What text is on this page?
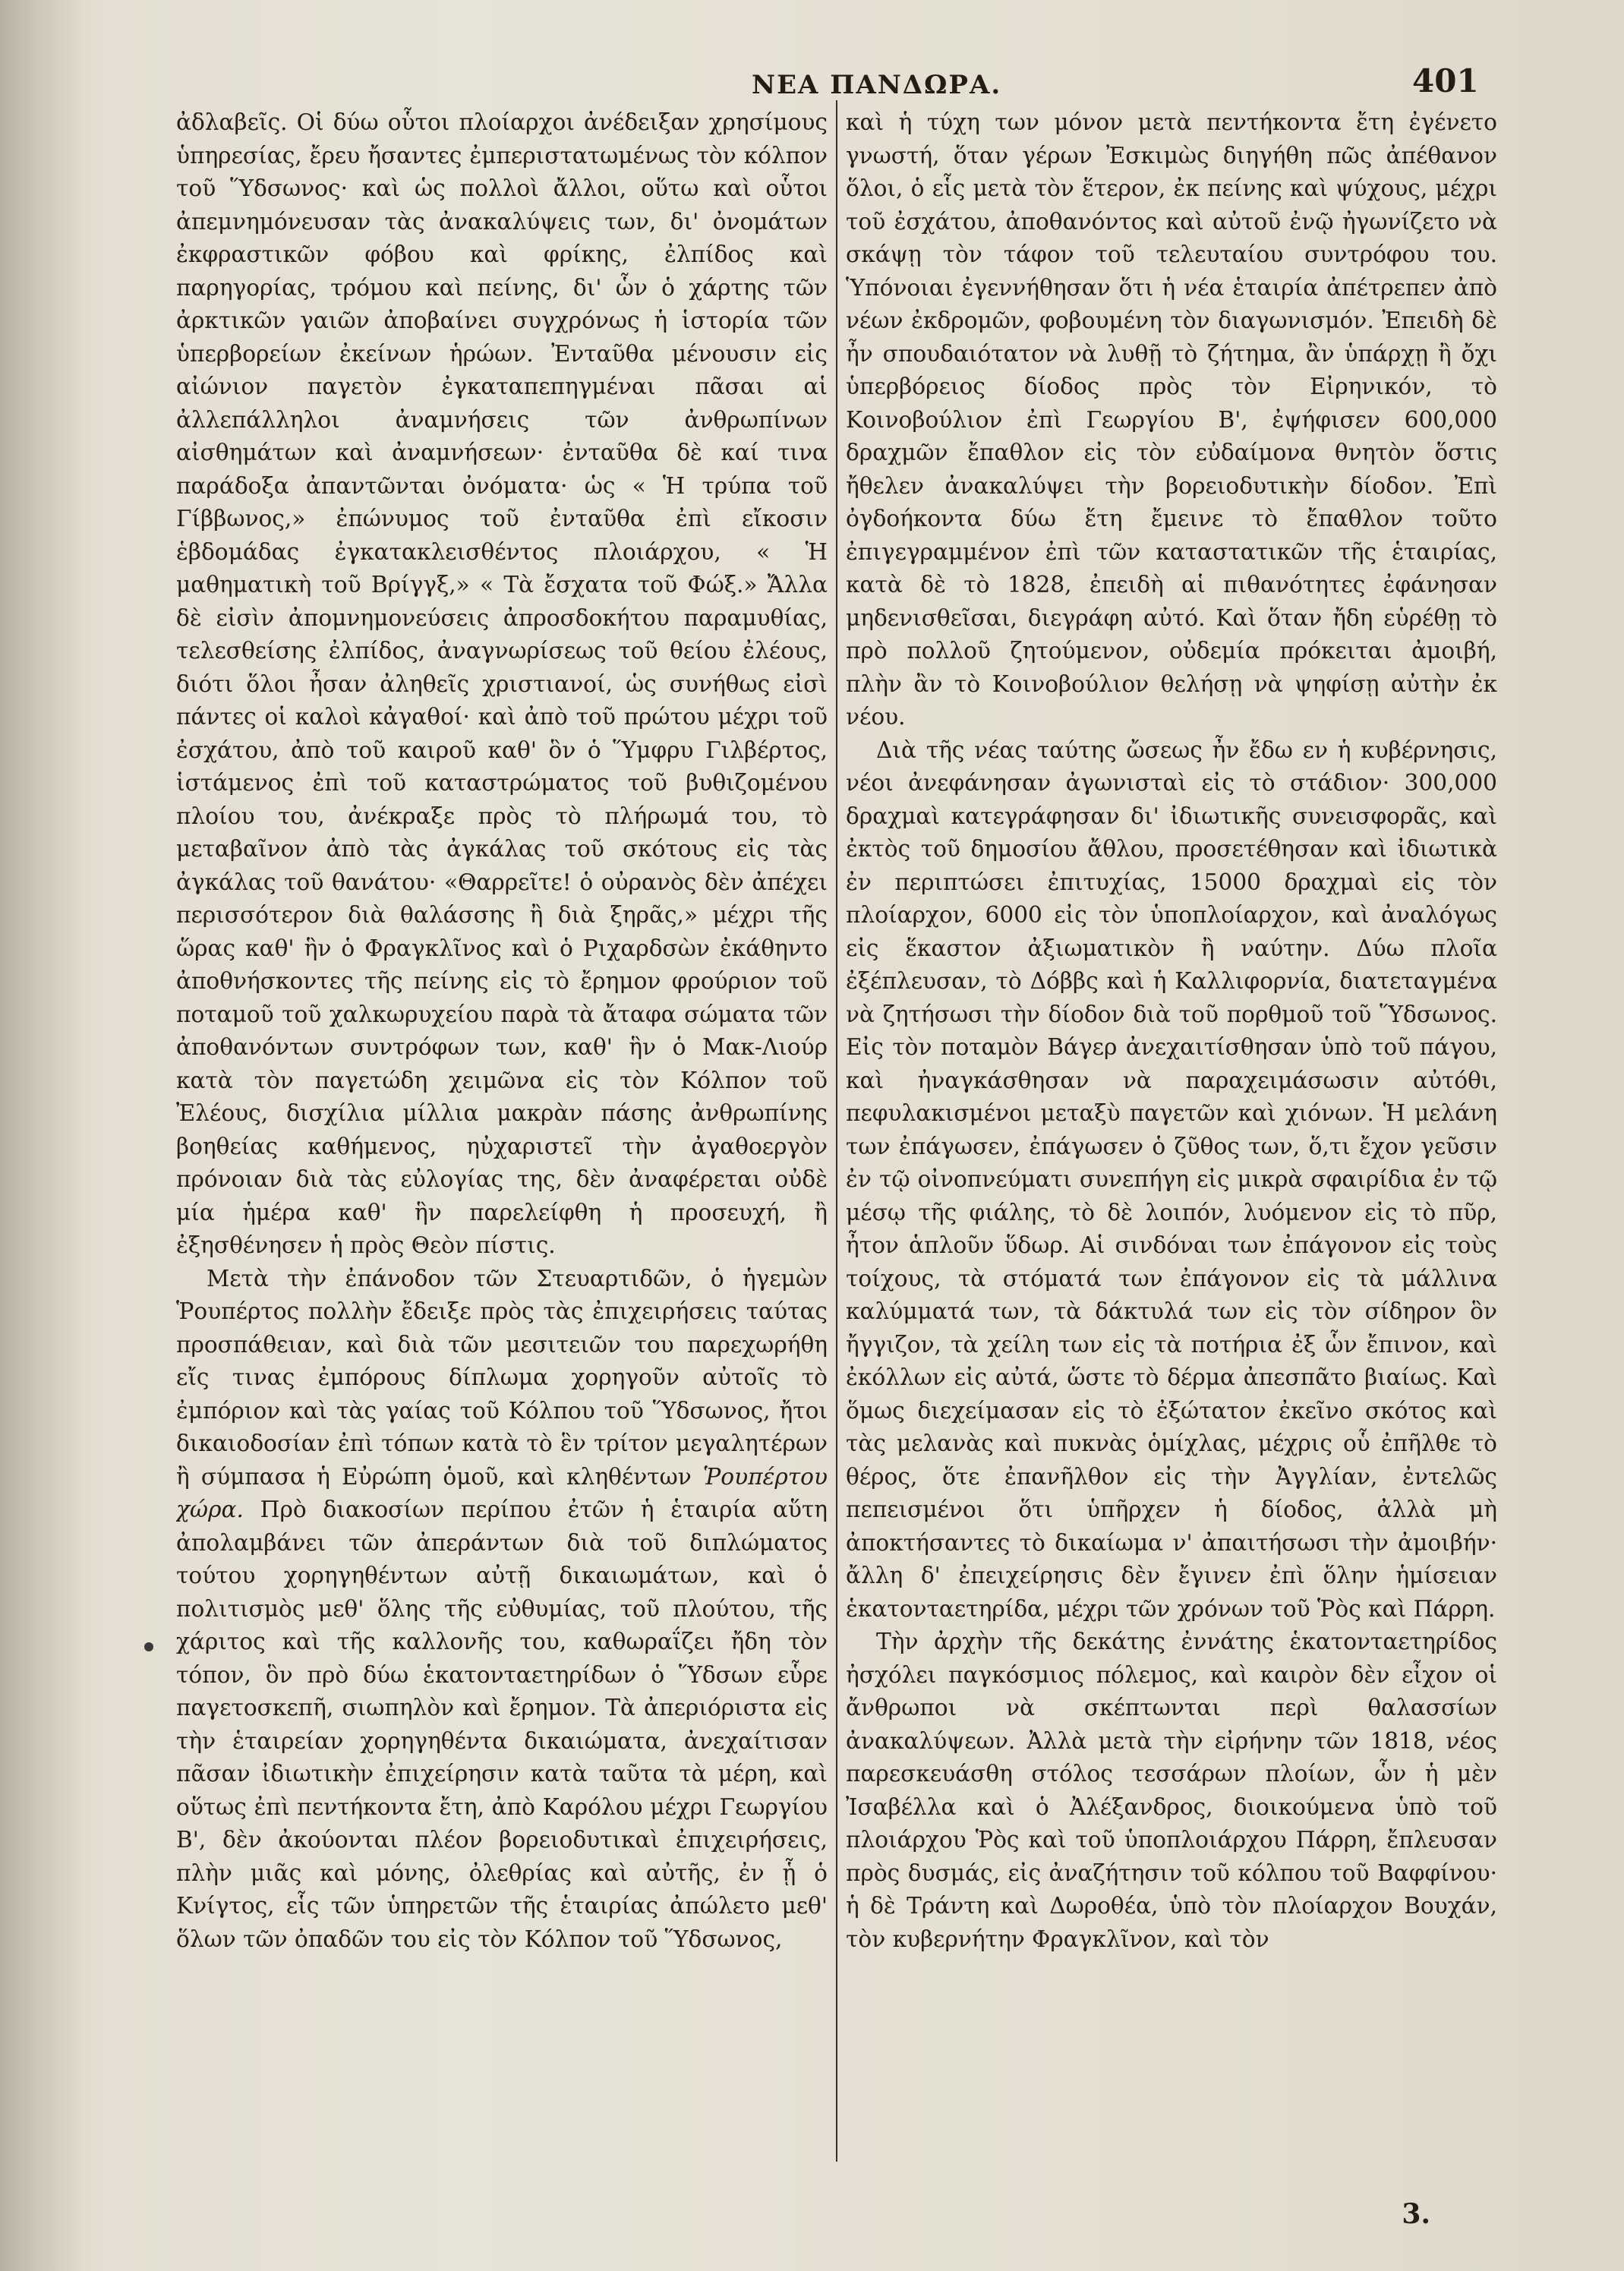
ΝΕΑ ΠΑΝΔΩΡΑ.	401

ἀδλαβεῖς. Οἱ δύω οὗτοι πλοίαρχοι ἀνέδειξαν χρησίμους ὑπηρεσίας, ἔρευ ἤσαντες ἐμπεριστατωμένως τὸν κόλπον τοῦ Ὕδσωνος· καὶ ὡς πολλοὶ ἄλλοι, οὕτω καὶ οὗτοι ἀπεμνημόνευσαν τὰς ἀνακαλύψεις των, δι' ὀνομάτων ἐκφραστικῶν φόβου καὶ φρίκης, ἐλπίδος καὶ παρηγορίας, τρόμου καὶ πείνης, δι' ὧν ὁ χάρτης τῶν ἀρκτικῶν γαιῶν ἀποβαίνει συγχρόνως ἡ ἱστορία τῶν ὑπερβορείων ἐκείνων ἡρώων. Ἐνταῦθα μένουσιν εἰς αἰώνιον παγετὸν ἐγκαταπεπηγμέναι πᾶσαι αἱ ἀλλεπάλληλοι ἀναμνήσεις τῶν ἀνθρωπίνων αἰσθημάτων καὶ ἀναμνήσεων· ἐνταῦθα δὲ καί τινα παράδοξα ἀπαντῶνται ὀνόματα· ὡς « Ἡ τρύπα τοῦ Γίββωνος,» ἐπώνυμος τοῦ ἐνταῦθα ἐπὶ εἴκοσιν ἑβδομάδας ἐγκατακλεισθέντος πλοιάρχου, « Ἡ μαθηματικὴ τοῦ Βρίγγξ,» « Τὰ ἔσχατα τοῦ Φώξ.» Ἄλλα δὲ εἰσὶν ἀπομνημονεύσεις ἀπροσδοκήτου παραμυθίας, τελεσθείσης ἐλπίδος, ἀναγνωρίσεως τοῦ θείου ἐλέους, διότι ὅλοι ἦσαν ἀληθεῖς χριστιανοί, ὡς συνήθως εἰσὶ πάντες οἱ καλοὶ κἀγαθοί· καὶ ἀπὸ τοῦ πρώτου μέχρι τοῦ ἐσχάτου, ἀπὸ τοῦ καιροῦ καθ' ὃν ὁ Ὕμφρυ Γιλβέρτος, ἱστάμενος ἐπὶ τοῦ καταστρώματος τοῦ βυθιζομένου πλοίου του, ἀνέκραξε πρὸς τὸ πλήρωμά του, τὸ μεταβαῖνον ἀπὸ τὰς ἀγκάλας τοῦ σκότους εἰς τὰς ἀγκάλας τοῦ θανάτου· «Θαρρεῖτε! ὁ οὐρανὸς δὲν ἀπέχει περισσότερον διὰ θαλάσσης ἢ διὰ ξηρᾶς,» μέχρι τῆς ὥρας καθ' ἣν ὁ Φραγκλῖνος καὶ ὁ Ριχαρδσὼν ἐκάθηντο ἀποθνήσκοντες τῆς πείνης εἰς τὸ ἔρημον φρούριον τοῦ ποταμοῦ τοῦ χαλκωρυχείου παρὰ τὰ ἄταφα σώματα τῶν ἀποθανόντων συντρόφων των, καθ' ἣν ὁ Μακ-Λιούρ κατὰ τὸν παγετώδη χειμῶνα εἰς τὸν Κόλπον τοῦ Ἐλέους, δισχίλια μίλλια μακρὰν πάσης ἀνθρωπίνης βοηθείας καθήμενος, ηὐχαριστεῖ τὴν ἀγαθοεργὸν πρόνοιαν διὰ τὰς εὐλογίας της, δὲν ἀναφέρεται οὐδὲ μία ἡμέρα καθ' ἣν παρελείφθη ἡ προσευχή, ἢ ἐξησθένησεν ἡ πρὸς Θεὸν πίστις.

Μετὰ τὴν ἐπάνοδον τῶν Στευαρτιδῶν, ὁ ἡγεμὼν Ῥουπέρτος πολλὴν ἔδειξε πρὸς τὰς ἐπιχειρήσεις ταύτας προσπάθειαν, καὶ διὰ τῶν μεσιτειῶν του παρεχωρήθη εἴς τινας ἐμπόρους δίπλωμα χορηγοῦν αὐτοῖς τὸ ἐμπόριον καὶ τὰς γαίας τοῦ Κόλπου τοῦ Ὕδσωνος, ἤτοι δικαιοδοσίαν ἐπὶ τόπων κατὰ τὸ ἓν τρίτον μεγαλητέρων ἢ σύμπασα ἡ Εὐρώπη ὁμοῦ, καὶ κληθέντων Ῥουπέρτου χώρα. Πρὸ διακοσίων περίπου ἐτῶν ἡ ἑταιρία αὕτη ἀπολαμβάνει τῶν ἀπεράντων διὰ τοῦ διπλώματος τούτου χορηγηθέντων αὐτῇ δικαιωμάτων, καὶ ὁ πολιτισμὸς μεθ' ὅλης τῆς εὐθυμίας, τοῦ πλούτου, τῆς χάριτος καὶ τῆς καλλονῆς του, καθωραΐζει ἤδη τὸν τόπον, ὃν πρὸ δύω ἑκατονταετηρίδων ὁ Ὕδσων εὗρε παγετοσκεπῆ, σιωπηλὸν καὶ ἔρημον. Τὰ ἀπεριόριστα εἰς τὴν ἑταιρείαν χορηγηθέντα δικαιώματα, ἀνεχαίτισαν πᾶσαν ἰδιωτικὴν ἐπιχείρησιν κατὰ ταῦτα τὰ μέρη, καὶ οὕτως ἐπὶ πεντήκοντα ἔτη, ἀπὸ Καρόλου μέχρι Γεωργίου Β', δὲν ἀκούονται πλέον βορειοδυτικαὶ ἐπιχειρήσεις, πλὴν μιᾶς καὶ μόνης, ὀλεθρίας καὶ αὐτῆς, ἐν ᾗ ὁ Κνίγτος, εἷς τῶν ὑπηρετῶν τῆς ἑταιρίας ἀπώλετο μεθ' ὅλων τῶν ὀπαδῶν του εἰς τὸν Κόλπον τοῦ Ὕδσωνος,

καὶ ἡ τύχη των μόνον μετὰ πεντήκοντα ἔτη ἐγένετο γνωστή, ὅταν γέρων Ἐσκιμὼς διηγήθη πῶς ἀπέθανον ὅλοι, ὁ εἷς μετὰ τὸν ἕτερον, ἐκ πείνης καὶ ψύχους, μέχρι τοῦ ἐσχάτου, ἀποθανόντος καὶ αὐτοῦ ἐνῷ ἠγωνίζετο νὰ σκάψῃ τὸν τάφον τοῦ τελευταίου συντρόφου του. Ὑπόνοιαι ἐγεννήθησαν ὅτι ἡ νέα ἑταιρία ἀπέτρεπεν ἀπὸ νέων ἐκδρομῶν, φοβουμένη τὸν διαγωνισμόν. Ἐπειδὴ δὲ ἦν σπουδαιότατον νὰ λυθῇ τὸ ζήτημα, ἂν ὑπάρχῃ ἢ ὄχι ὑπερβόρειος δίοδος πρὸς τὸν Εἰρηνικόν, τὸ Κοινοβούλιον ἐπὶ Γεωργίου Β', ἐψήφισεν 600,000 δραχμῶν ἔπαθλον εἰς τὸν εὐδαίμονα θνητὸν ὅστις ἤθελεν ἀνακαλύψει τὴν βορειοδυτικὴν δίοδον. Ἐπὶ ὀγδοήκοντα δύω ἔτη ἔμεινε τὸ ἔπαθλον τοῦτο ἐπιγεγραμμένον ἐπὶ τῶν καταστατικῶν τῆς ἑταιρίας, κατὰ δὲ τὸ 1828, ἐπειδὴ αἱ πιθανότητες ἐφάνησαν μηδενισθεῖσαι, διεγράφη αὐτό. Καὶ ὅταν ἤδη εὑρέθῃ τὸ πρὸ πολλοῦ ζητούμενον, οὐδεμία πρόκειται ἀμοιβή, πλὴν ἂν τὸ Κοινοβούλιον θελήσῃ νὰ ψηφίσῃ αὐτὴν ἐκ νέου.

Διὰ τῆς νέας ταύτης ὤσεως ἦν ἔδω εν ἡ κυβέρνησις, νέοι ἀνεφάνησαν ἀγωνισταὶ εἰς τὸ στάδιον· 300,000 δραχμαὶ κατεγράφησαν δι' ἰδιωτικῆς συνεισφορᾶς, καὶ ἐκτὸς τοῦ δημοσίου ἄθλου, προσετέθησαν καὶ ἰδιωτικὰ ἐν περιπτώσει ἐπιτυχίας, 15000 δραχμαὶ εἰς τὸν πλοίαρχον, 6000 εἰς τὸν ὑποπλοίαρχον, καὶ ἀναλόγως εἰς ἕκαστον ἀξιωματικὸν ἢ ναύτην. Δύω πλοῖα ἐξέπλευσαν, τὸ Δόββς καὶ ἡ Καλλιφορνία, διατεταγμένα νὰ ζητήσωσι τὴν δίοδον διὰ τοῦ πορθμοῦ τοῦ Ὕδσωνος. Εἰς τὸν ποταμὸν Βάγερ ἀνεχαιτίσθησαν ὑπὸ τοῦ πάγου, καὶ ἠναγκάσθησαν νὰ παραχειμάσωσιν αὐτόθι, πεφυλακισμένοι μεταξὺ παγετῶν καὶ χιόνων. Ἡ μελάνη των ἐπάγωσεν, ἐπάγωσεν ὁ ζῦθος των, ὅ,τι ἔχον γεῦσιν ἐν τῷ οἰνοπνεύματι συνεπήγη εἰς μικρὰ σφαιρίδια ἐν τῷ μέσῳ τῆς φιάλης, τὸ δὲ λοιπόν, λυόμενον εἰς τὸ πῦρ, ἦτον ἁπλοῦν ὕδωρ. Αἱ σινδόναι των ἐπάγονον εἰς τοὺς τοίχους, τὰ στόματά των ἐπάγονον εἰς τὰ μάλλινα καλύμματά των, τὰ δάκτυλά των εἰς τὸν σίδηρον ὃν ἤγγιζον, τὰ χείλη των εἰς τὰ ποτήρια ἐξ ὧν ἔπινον, καὶ ἐκόλλων εἰς αὐτά, ὥστε τὸ δέρμα ἀπεσπᾶτο βιαίως. Καὶ ὅμως διεχείμασαν εἰς τὸ ἐξώτατον ἐκεῖνο σκότος καὶ τὰς μελανὰς καὶ πυκνὰς ὁμίχλας, μέχρις οὗ ἐπῆλθε τὸ θέρος, ὅτε ἐπανῆλθον εἰς τὴν Ἀγγλίαν, ἐντελῶς πεπεισμένοι ὅτι ὑπῆρχεν ἡ δίοδος, ἀλλὰ μὴ ἀποκτήσαντες τὸ δικαίωμα ν' ἀπαιτήσωσι τὴν ἀμοιβήν· ἄλλη δ' ἐπειχείρησις δὲν ἔγινεν ἐπὶ ὅλην ἡμίσειαν ἑκατονταετηρίδα, μέχρι τῶν χρόνων τοῦ Ῥὸς καὶ Πάρρη.

Τὴν ἀρχὴν τῆς δεκάτης ἐννάτης ἑκατονταετηρίδος ἠσχόλει παγκόσμιος πόλεμος, καὶ καιρὸν δὲν εἶχον οἱ ἄνθρωποι νὰ σκέπτωνται περὶ θαλασσίων ἀνακαλύψεων. Ἀλλὰ μετὰ τὴν εἰρήνην τῶν 1818, νέος παρεσκευάσθη στόλος τεσσάρων πλοίων, ὧν ἡ μὲν Ἰσαβέλλα καὶ ὁ Ἀλέξανδρος, διοικούμενα ὑπὸ τοῦ πλοιάρχου Ῥὸς καὶ τοῦ ὑποπλοιάρχου Πάρρη, ἔπλευσαν πρὸς δυσμάς, εἰς ἀναζήτησιν τοῦ κόλπου τοῦ Βαφφίνου· ἡ δὲ Τράντη καὶ Δωροθέα, ὑπὸ τὸν πλοίαρχον Βουχάν, τὸν κυβερνήτην Φραγκλῖνον, καὶ τὸν

3.
